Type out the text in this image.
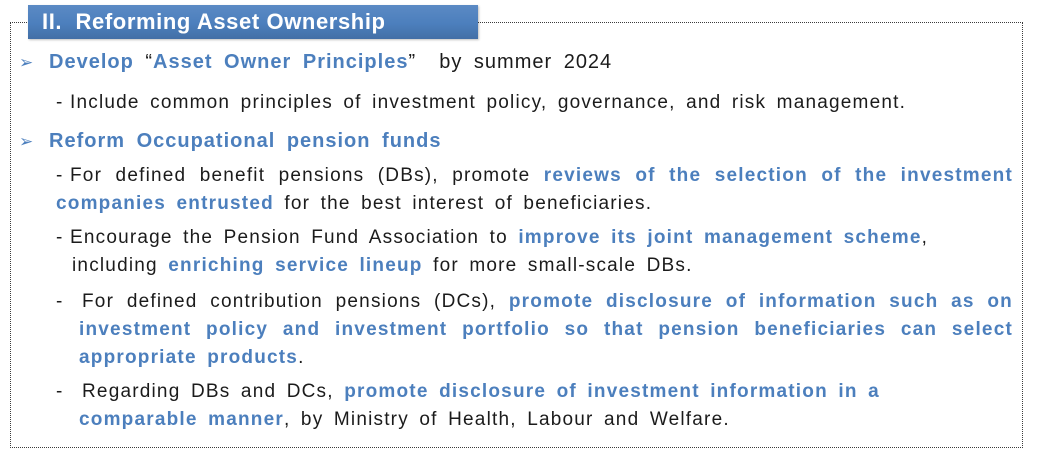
II.  Reforming Asset Ownership
➢ Develop “Asset Owner Principles”  by summer 2024
- Include common principles of investment policy, governance, and risk management.
➢ Reform Occupational pension funds
- For defined benefit pensions (DBs), promote reviews of the selection of the investment companies entrusted for the best interest of beneficiaries.
- Encourage the Pension Fund Association to improve its joint management scheme, including enriching service lineup for more small-scale DBs.
- For defined contribution pensions (DCs), promote disclosure of information such as on investment policy and investment portfolio so that pension beneficiaries can select appropriate products.
- Regarding DBs and DCs, promote disclosure of investment information in a comparable manner, by Ministry of Health, Labour and Welfare.
